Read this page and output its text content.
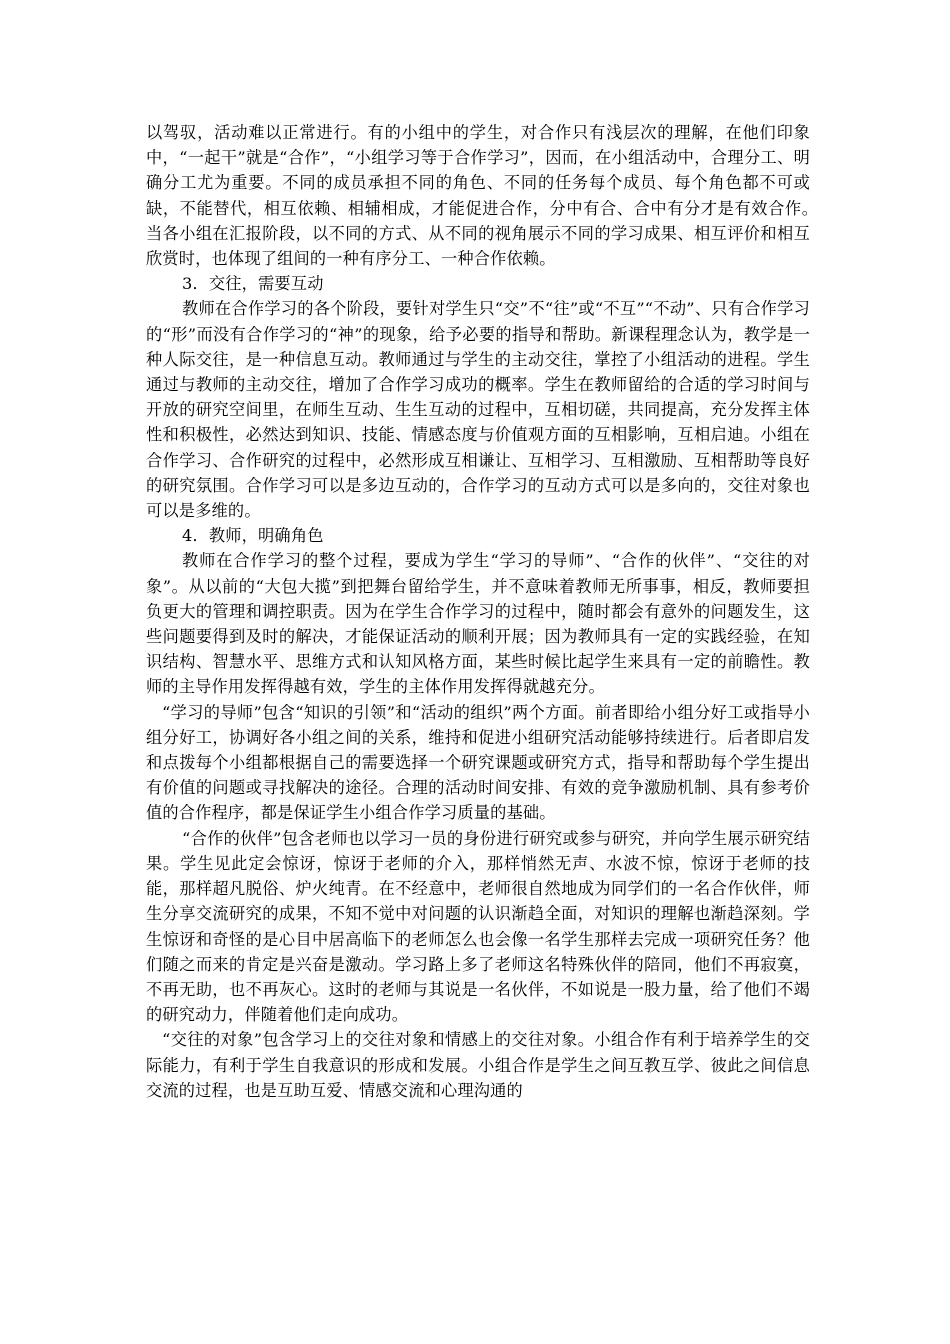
以驾驭，活动难以正常进行。有的小组中的学生，对合作只有浅层次的理解，在他们印象中，“一起干”就是“合作”，“小组学习等于合作学习”，因而，在小组活动中，合理分工、明确分工尤为重要。不同的成员承担不同的角色、不同的任务每个成员、每个角色都不可或缺，不能替代，相互依赖、相辅相成，才能促进合作，分中有合、合中有分才是有效合作。　当各小组在汇报阶段，以不同的方式、从不同的视角展示不同的学习成果、相互评价和相互欣赏时，也体现了组间的一种有序分工、一种合作依赖。

3．交往，需要互动

教师在合作学习的各个阶段，要针对学生只“交”不“往”或“不互”“不动”、只有合作学习的“形”而没有合作学习的“神”的现象，给予必要的指导和帮助。新课程理念认为，教学是一种人际交往，是一种信息互动。教师通过与学生的主动交往，掌控了小组活动的进程。学生通过与教师的主动交往，增加了合作学习成功的概率。学生在教师留给的合适的学习时间与开放的研究空间里，在师生互动、生生互动的过程中，互相切磋，共同提高，充分发挥主体性和积极性，必然达到知识、技能、情感态度与价值观方面的互相影响，互相启迪。小组在合作学习、合作研究的过程中，必然形成互相谦让、互相学习、互相激励、互相帮助等良好的研究氛围。合作学习可以是多边互动的，合作学习的互动方式可以是多向的，交往对象也可以是多维的。

4．教师，明确角色

教师在合作学习的整个过程，要成为学生“学习的导师”、“合作的伙伴”、“交往的对象”。从以前的“大包大揽”到把舞台留给学生，并不意味着教师无所事事，相反，教师要担负更大的管理和调控职责。因为在学生合作学习的过程中，随时都会有意外的问题发生，这些问题要得到及时的解决，才能保证活动的顺利开展；因为教师具有一定的实践经验，在知识结构、智慧水平、思维方式和认知风格方面，某些时候比起学生来具有一定的前瞻性。教师的主导作用发挥得越有效，学生的主体作用发挥得就越充分。

“学习的导师”包含“知识的引领”和“活动的组织”两个方面。前者即给小组分好工或指导小组分好工，协调好各小组之间的关系，维持和促进小组研究活动能够持续进行。后者即启发和点拨每个小组都根据自己的需要选择一个研究课题或研究方式，指导和帮助每个学生提出有价值的问题或寻找解决的途径。合理的活动时间安排、有效的竞争激励机制、具有参考价值的合作程序，都是保证学生小组合作学习质量的基础。

“合作的伙伴”包含老师也以学习一员的身份进行研究或参与研究，并向学生展示研究结果。学生见此定会惊讶，惊讶于老师的介入，那样悄然无声、水波不惊，惊讶于老师的技能，那样超凡脱俗、炉火纯青。在不经意中，老师很自然地成为同学们的一名合作伙伴，师生分享交流研究的成果，不知不觉中对问题的认识渐趋全面，对知识的理解也渐趋深刻。学生惊讶和奇怪的是心目中居高临下的老师怎么也会像一名学生那样去完成一项研究任务？他们随之而来的肯定是兴奋是激动。学习路上多了老师这名特殊伙伴的陪同，他们不再寂寞，不再无助，也不再灰心。这时的老师与其说是一名伙伴，不如说是一股力量，给了他们不竭的研究动力，伴随着他们走向成功。

“交往的对象”包含学习上的交往对象和情感上的交往对象。小组合作有利于培养学生的交际能力，有利于学生自我意识的形成和发展。小组合作是学生之间互教互学、彼此之间信息交流的过程，也是互助互爱、情感交流和心理沟通的
